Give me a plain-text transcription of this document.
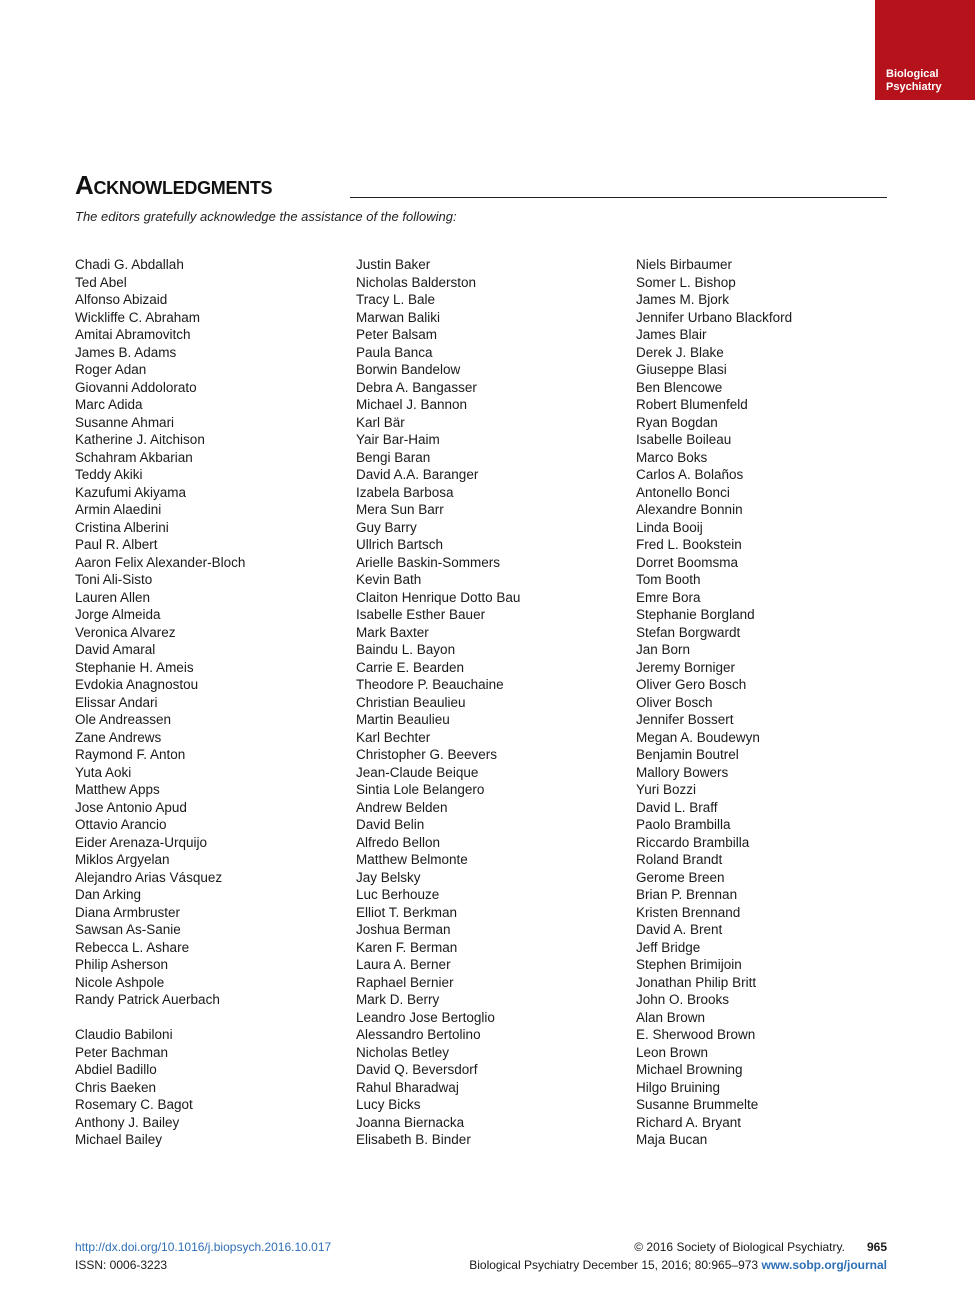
Biological
Psychiatry
Acknowledgments

The editors gratefully acknowledge the assistance of the following:

Chadi G. Abdallah
Ted Abel
Alfonso Abizaid
Wickliffe C. Abraham
Amitai Abramovitch
James B. Adams
Roger Adan
Giovanni Addolorato
Marc Adida
Susanne Ahmari
Katherine J. Aitchison
Schahram Akbarian
Teddy Akiki
Kazufumi Akiyama
Armin Alaedini
Cristina Alberini
Paul R. Albert
Aaron Felix Alexander-Bloch
Toni Ali-Sisto
Lauren Allen
Jorge Almeida
Veronica Alvarez
David Amaral
Stephanie H. Ameis
Evdokia Anagnostou
Elissar Andari
Ole Andreassen
Zane Andrews
Raymond F. Anton
Yuta Aoki
Matthew Apps
Jose Antonio Apud
Ottavio Arancio
Eider Arenaza-Urquijo
Miklos Argyelan
Alejandro Arias Vásquez
Dan Arking
Diana Armbruster
Sawsan As-Sanie
Rebecca L. Ashare
Philip Asherson
Nicole Ashpole
Randy Patrick Auerbach
Claudio Babiloni
Peter Bachman
Abdiel Badillo
Chris Baeken
Rosemary C. Bagot
Anthony J. Bailey
Michael Bailey
Justin Baker
Nicholas Balderston
Tracy L. Bale
Marwan Baliki
Peter Balsam
Paula Banca
Borwin Bandelow
Debra A. Bangasser
Michael J. Bannon
Karl Bär
Yair Bar-Haim
Bengi Baran
David A.A. Baranger
Izabela Barbosa
Mera Sun Barr
Guy Barry
Ullrich Bartsch
Arielle Baskin-Sommers
Kevin Bath
Claiton Henrique Dotto Bau
Isabelle Esther Bauer
Mark Baxter
Baindu L. Bayon
Carrie E. Bearden
Theodore P. Beauchaine
Christian Beaulieu
Martin Beaulieu
Karl Bechter
Christopher G. Beevers
Jean-Claude Beique
Sintia Lole Belangero
Andrew Belden
David Belin
Alfredo Bellon
Matthew Belmonte
Jay Belsky
Luc Berhouze
Elliot T. Berkman
Joshua Berman
Karen F. Berman
Laura A. Berner
Raphael Bernier
Mark D. Berry
Leandro Jose Bertoglio
Alessandro Bertolino
Nicholas Betley
David Q. Beversdorf
Rahul Bharadwaj
Lucy Bicks
Joanna Biernacka
Elisabeth B. Binder
Niels Birbaumer
Somer L. Bishop
James M. Bjork
Jennifer Urbano Blackford
James Blair
Derek J. Blake
Giuseppe Blasi
Ben Blencowe
Robert Blumenfeld
Ryan Bogdan
Isabelle Boileau
Marco Boks
Carlos A. Bolaños
Antonello Bonci
Alexandre Bonnin
Linda Booij
Fred L. Bookstein
Dorret Boomsma
Tom Booth
Emre Bora
Stephanie Borgland
Stefan Borgwardt
Jan Born
Jeremy Borniger
Oliver Gero Bosch
Oliver Bosch
Jennifer Bossert
Megan A. Boudewyn
Benjamin Boutrel
Mallory Bowers
Yuri Bozzi
David L. Braff
Paolo Brambilla
Riccardo Brambilla
Roland Brandt
Gerome Breen
Brian P. Brennan
Kristen Brennand
David A. Brent
Jeff Bridge
Stephen Brimijoin
Jonathan Philip Britt
John O. Brooks
Alan Brown
E. Sherwood Brown
Leon Brown
Michael Browning
Hilgo Bruining
Susanne Brummelte
Richard A. Bryant
Maja Bucan
http://dx.doi.org/10.1016/j.biopsych.2016.10.017
ISSN: 0006-3223
© 2016 Society of Biological Psychiatry. 965
Biological Psychiatry December 15, 2016; 80:965–973 www.sobp.org/journal
